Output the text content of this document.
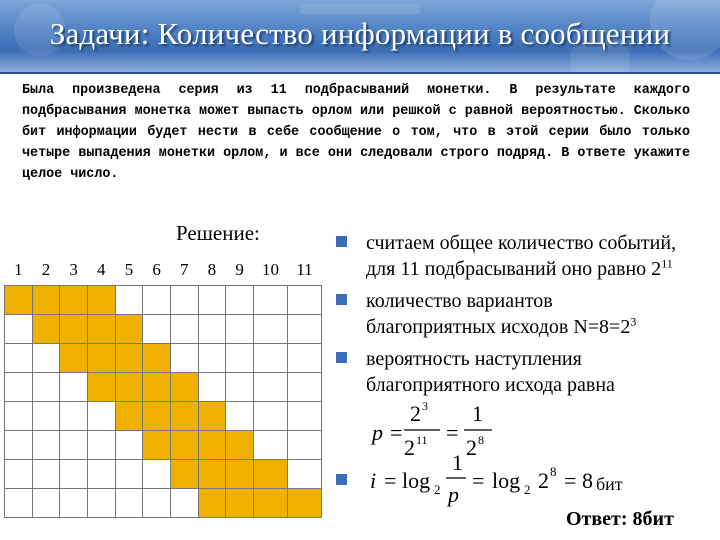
Задачи: Количество информации в сообщении
Была произведена серия из 11 подбрасываний монетки. В результате каждого подбрасывания монетка может выпасть орлом или решкой с равной вероятностью. Сколько бит информации будет нести в себе сообщение о том, что в этой серии было только четыре выпадения монетки орлом, и все они следовали строго подряд. В ответе укажите целое число.
Решение:
1	2	3	4	5	6	7	8	9	10	11

считаем общее количество событий,
для 11 подбрасываний оно равно $2^{11}$
количество вариантов
благоприятных исходов $N=8=2^3$
вероятность наступления
благоприятного исхода равна
p =
2 3
2 11 =
1
2 8
i = log 2
1
p
= log 2 2 8 = 8 бит
Ответ: 8бит
